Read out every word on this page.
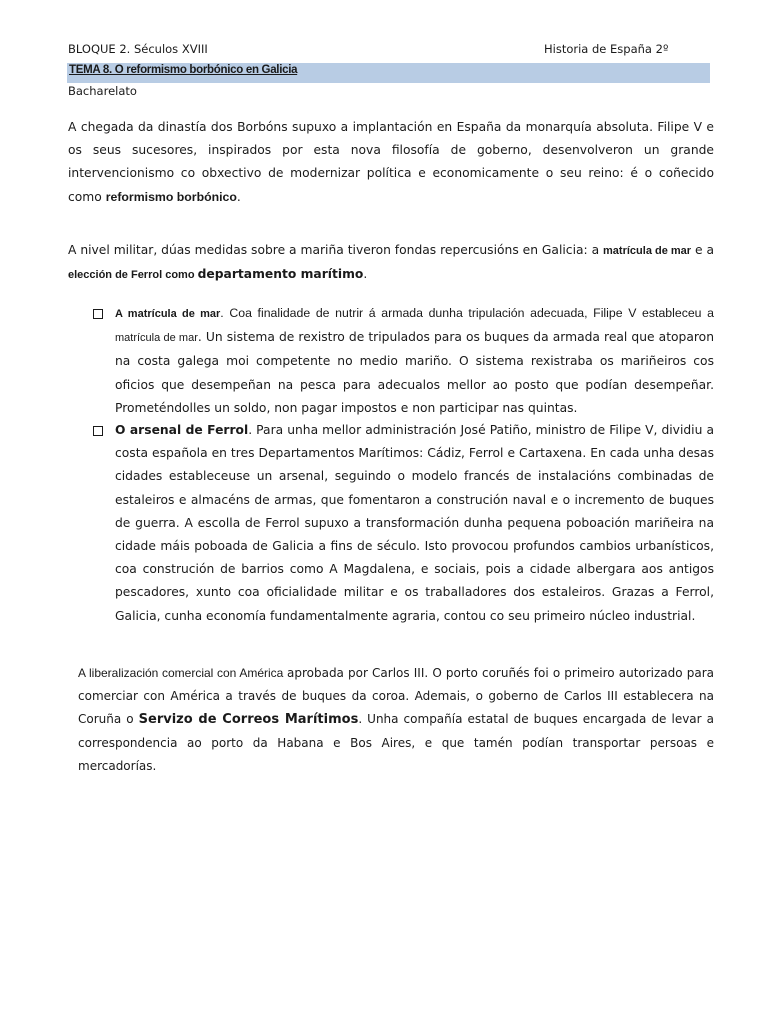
BLOQUE 2. Séculos XVIII	Historia de España 2º
TEMA 8. O reformismo borbónico en Galicia
Bacharelato

A chegada da dinastía dos Borbóns supuxo a implantación en España da monarquía absoluta. Filipe V e os seus sucesores, inspirados por esta nova filosofía de goberno, desenvolveron un grande intervencionismo co obxectivo de modernizar política e economicamente o seu reino: é o coñecido como reformismo borbónico.

A nivel militar, dúas medidas sobre a mariña tiveron fondas repercusións en Galicia: a matrícula de mar e a elección de Ferrol como departamento marítimo.

A matrícula de mar. Coa finalidade de nutrir á armada dunha tripulación adecuada, Filipe V estableceu a matrícula de mar. Un sistema de rexistro de tripulados para os buques da armada real que atoparon na costa galega moi competente no medio mariño. O sistema rexistraba os mariñeiros cos oficios que desempeñan na pesca para adecualos mellor ao posto que podían desempeñar. Prometéndolles un soldo, non pagar impostos e non participar nas quintas.

O arsenal de Ferrol. Para unha mellor administración José Patiño, ministro de Filipe V, dividiu a costa española en tres Departamentos Marítimos: Cádiz, Ferrol e Cartaxena. En cada unha desas cidades estableceuse un arsenal, seguindo o modelo francés de instalacións combinadas de estaleiros e almacéns de armas, que fomentaron a construción naval e o incremento de buques de guerra. A escolla de Ferrol supuxo a transformación dunha pequena poboación mariñeira na cidade máis poboada de Galicia a fins de século. Isto provocou profundos cambios urbanísticos, coa construción de barrios como A Magdalena, e sociais, pois a cidade albergara aos antigos pescadores, xunto coa oficialidade militar e os traballadores dos estaleiros. Grazas a Ferrol, Galicia, cunha economía fundamentalmente agraria, contou co seu primeiro núcleo industrial.

A liberalización comercial con América aprobada por Carlos III. O porto coruñés foi o primeiro autorizado para comerciar con América a través de buques da coroa. Ademais, o goberno de Carlos III establecera na Coruña o Servizo de Correos Marítimos. Unha compañía estatal de buques encargada de levar a correspondencia ao porto da Habana e Bos Aires, e que tamén podían transportar persoas e mercadorías.
